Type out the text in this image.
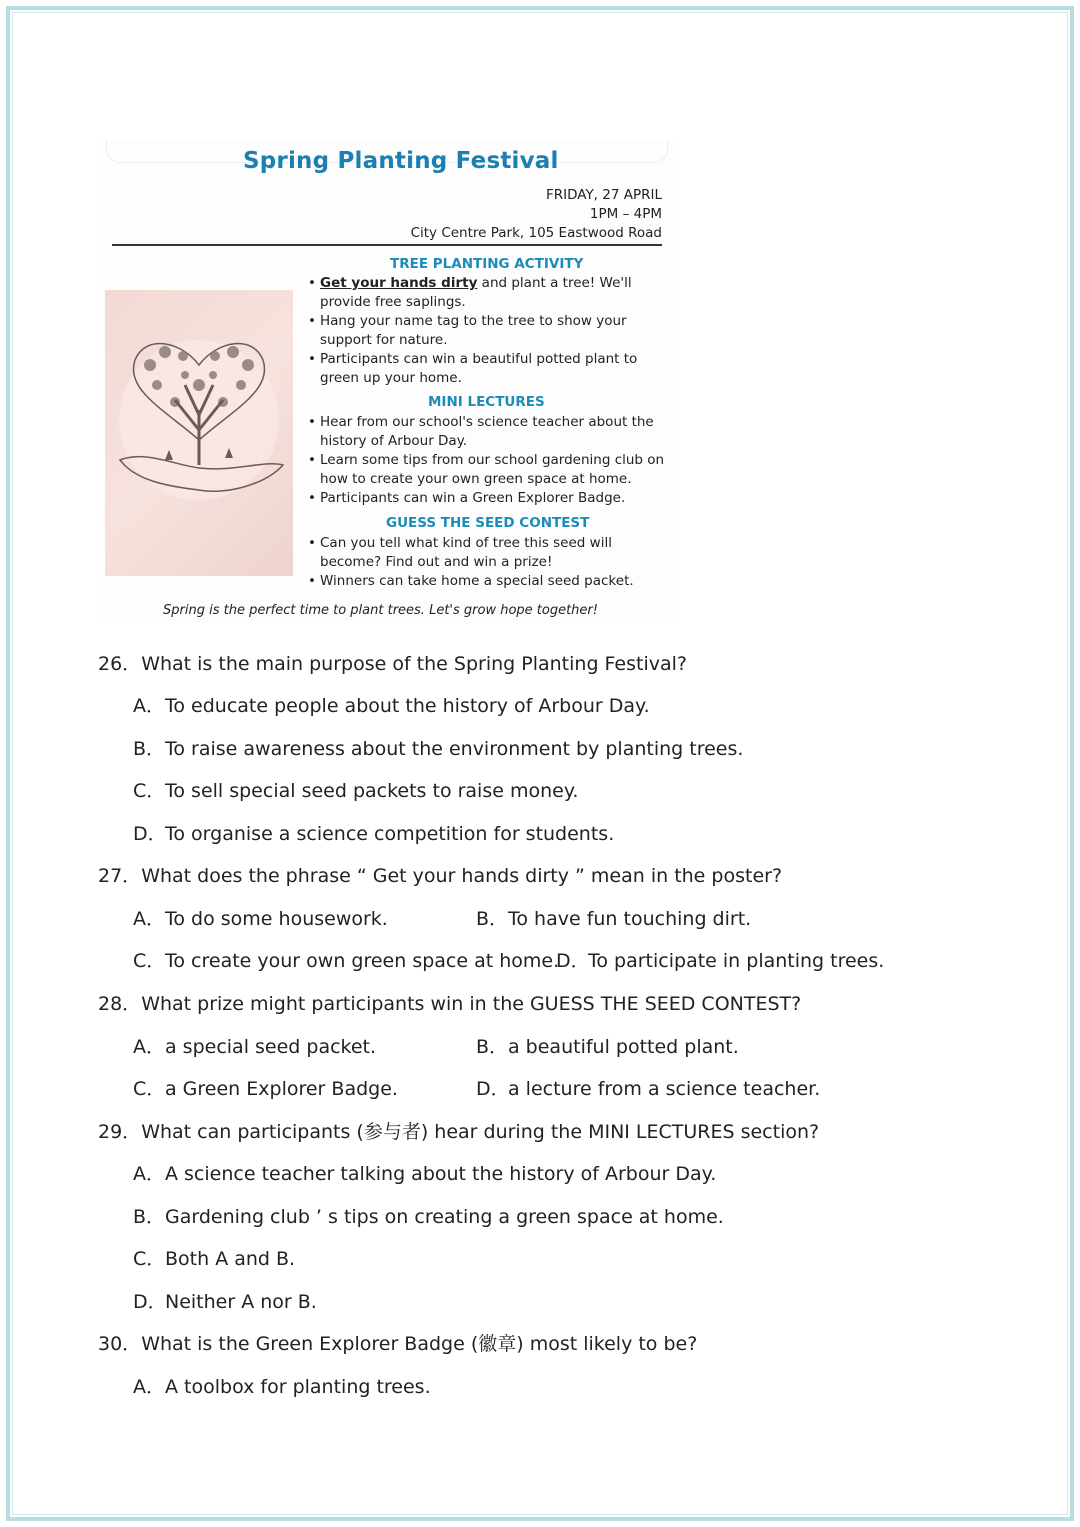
Spring Planting Festival
FRIDAY, 27 APRIL
1PM – 4PM
City Centre Park, 105 Eastwood Road
TREE PLANTING ACTIVITY
• Get your hands dirty and plant a tree! We'll provide free saplings.
• Hang your name tag to the tree to show your support for nature.
• Participants can win a beautiful potted plant to green up your home.
MINI LECTURES
• Hear from our school's science teacher about the history of Arbour Day.
• Learn some tips from our school gardening club on how to create your own green space at home.
• Participants can win a Green Explorer Badge.
GUESS THE SEED CONTEST
• Can you tell what kind of tree this seed will become? Find out and win a prize!
• Winners can take home a special seed packet.
Spring is the perfect time to plant trees. Let's grow hope together!
26．What is the main purpose of the Spring Planting Festival?
A．To educate people about the history of Arbour Day.
B．To raise awareness about the environment by planting trees.
C．To sell special seed packets to raise money.
D．To organise a science competition for students.
27．What does the phrase “ Get your hands dirty ” mean in the poster?
A．To do some housework.	B．To have fun touching dirt.
C．To create your own green space at home.
D．To participate in planting trees.
28．What prize might participants win in the GUESS THE SEED CONTEST?
A．a special seed packet.	B．a beautiful potted plant.
C．a Green Explorer Badge.	D．a lecture from a science teacher.
29．What can participants (参与者) hear during the MINI LECTURES section?
A．A science teacher talking about the history of Arbour Day.
B．Gardening club ’ s tips on creating a green space at home.
C．Both A and B.
D．Neither A nor B.
30．What is the Green Explorer Badge (徽章) most likely to be?
A．A toolbox for planting trees.
